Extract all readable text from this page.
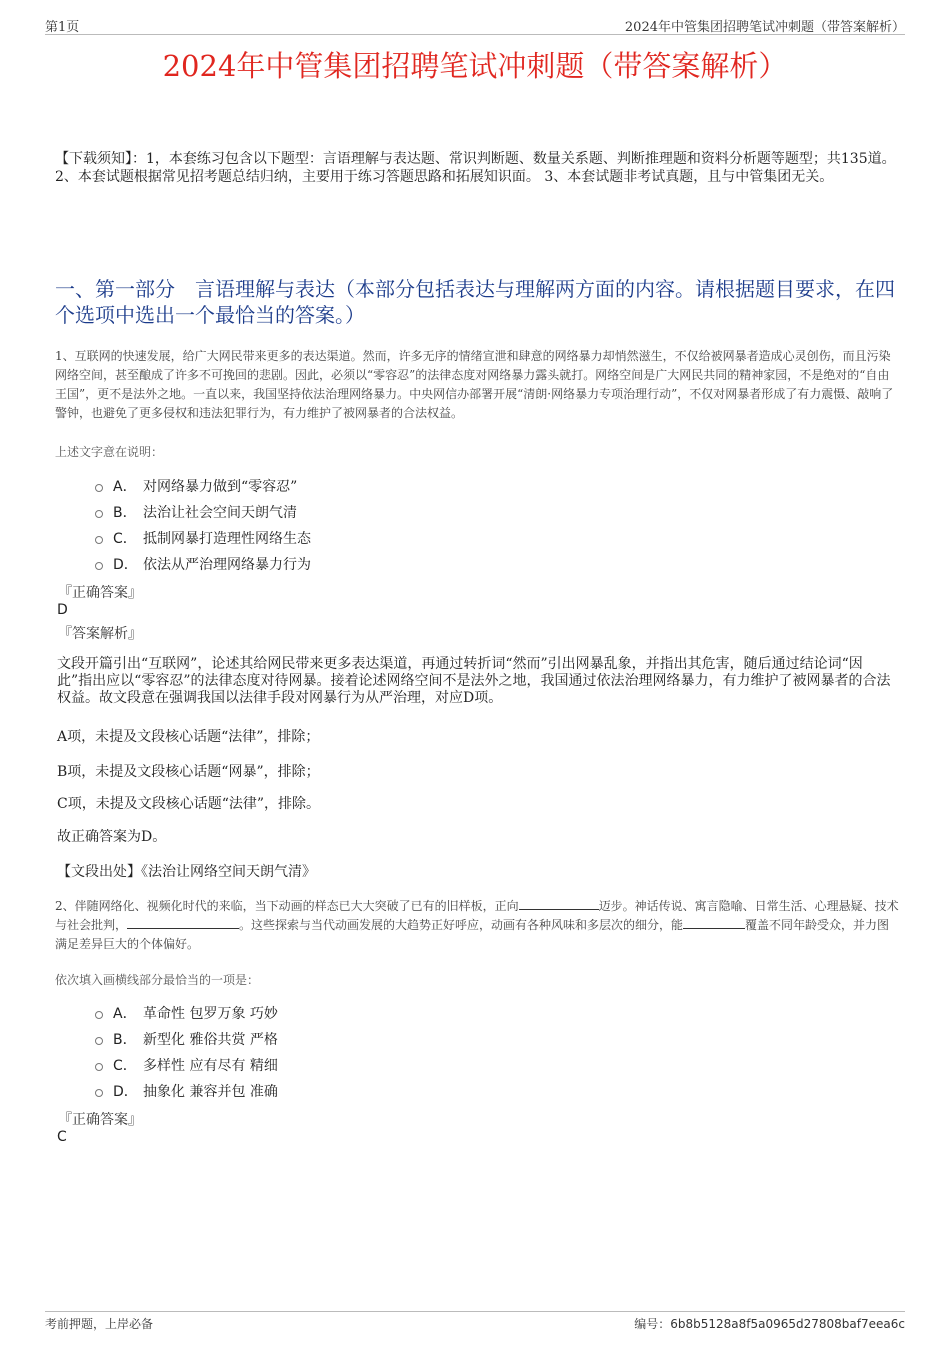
第1页	2024年中管集团招聘笔试冲刺题（带答案解析）
2024年中管集团招聘笔试冲刺题（带答案解析）
【下载须知】：1，本套练习包含以下题型：言语理解与表达题、常识判断题、数量关系题、判断推理题和资料分析题等题型；共135道。 2、本套试题根据常见招考题总结归纳，主要用于练习答题思路和拓展知识面。 3、本套试题非考试真题，且与中管集团无关。
一、第一部分　言语理解与表达（本部分包括表达与理解两方面的内容。请根据题目要求，在四个选项中选出一个最恰当的答案。）
1、互联网的快速发展，给广大网民带来更多的表达渠道。然而，许多无序的情绪宣泄和肆意的网络暴力却悄然滋生，不仅给被网暴者造成心灵创伤，而且污染网络空间，甚至酿成了许多不可挽回的悲剧。因此，必须以“零容忍”的法律态度对网络暴力露头就打。网络空间是广大网民共同的精神家园，不是绝对的“自由王国”，更不是法外之地。一直以来，我国坚持依法治理网络暴力。中央网信办部署开展“清朗·网络暴力专项治理行动”，不仅对网暴者形成了有力震慑、敲响了警钟，也避免了更多侵权和违法犯罪行为，有力维护了被网暴者的合法权益。
上述文字意在说明：
A． 对网络暴力做到“零容忍”
B． 法治让社会空间天朗气清
C． 抵制网暴打造理性网络生态
D． 依法从严治理网络暴力行为
『正确答案』
D
『答案解析』
文段开篇引出“互联网”，论述其给网民带来更多表达渠道，再通过转折词“然而”引出网暴乱象，并指出其危害，随后通过结论词“因此”指出应以“零容忍”的法律态度对待网暴。接着论述网络空间不是法外之地，我国通过依法治理网络暴力，有力维护了被网暴者的合法权益。故文段意在强调我国以法律手段对网暴行为从严治理，对应D项。
A项，未提及文段核心话题“法律”，排除；
B项，未提及文段核心话题“网暴”，排除；
C项，未提及文段核心话题“法律”，排除。
故正确答案为D。
【文段出处】《法治让网络空间天朗气清》
2、伴随网络化、视频化时代的来临，当下动画的样态已大大突破了已有的旧样板，正向	迈步。神话传说、寓言隐喻、日常生活、心理悬疑、技术与社会批判，	。这些探索与当代动画发展的大趋势正好呼应，动画有各种风味和多层次的细分，能	覆盖不同年龄受众，并力图满足差异巨大的个体偏好。
依次填入画横线部分最恰当的一项是：
A． 革命性 包罗万象 巧妙
B． 新型化 雅俗共赏 严格
C． 多样性 应有尽有 精细
D． 抽象化 兼容并包 准确
『正确答案』
C
考前押题，上岸必备	编号：6b8b5128a8f5a0965d27808baf7eea6c
